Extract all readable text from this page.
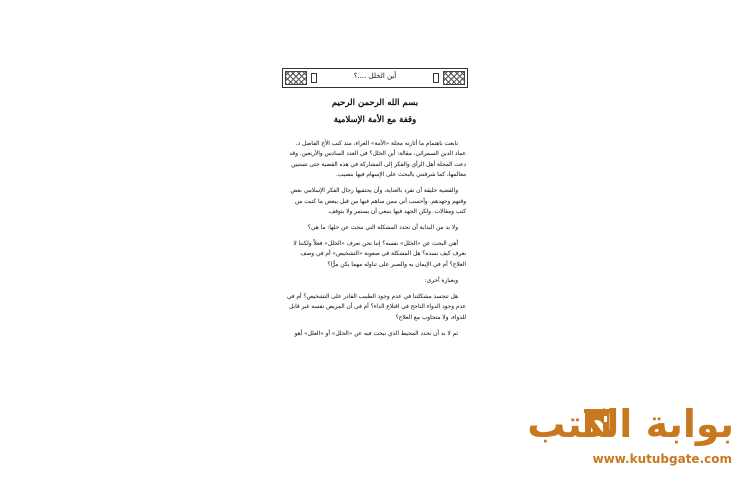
أين الخلل ....؟
بسم الله الرحمن الرحيم
وقفة مع الأمة الإسلامية

تابعت باهتمام ما أثارته مجلة «الأمة» الغراء، منذ كتب الأخ الفاضل د. عماد الدين السمرائي، مقالة: أين الخلل؟ في العدد السادس والأربعين. وقد دعت المجلة أهل الرأي والفكر إلى المشاركة في هذه القضية حتى تستبين معالمها، كما شرفتني بالبحث على الإسهام فيها بنصيب.

والقضية خليقة أن تفرد بالعناية، وأن يحتفيها رجال الفكر الإسلامي بعض وقتهم وجهدهم. وأحسب أني ممن ساهم فيها من قبل ببعض ما كتبت من كتب ومقالات. ولكن الجهد فيها ينبغي أن يستمر ولا يتوقف.

ولا بد من البداية أن نحدد المشكلة التي نبحث عن حلها: ما هي؟

أهي البحث عن «الخلل» نفسه؟ إننا نحن نعرف «الخلل» فعلاً ولكننا لا نعرف كيف نسده؟ هل المشكلة في صعوبة «التشخيص» أم في وصف العلاج؟ أم في الإيمان به والصبر على تناوله مهما يكن مرًّا؟

وبعبارة أخرى:

هل تتجسد مشكلتنا في عدم وجود الطبيب القادر على التشخيص؟ أم في عدم وجود الدواء الناجح في اقتلاع الداء؟ أم في أن المريض نفسه غير قابل للدواء، ولا متجاوب مع العلاج؟

ثم لا بد أن نحدد المحيط الذي نبحث فيه عن «الخلل» أو «العلل» أهو

بوابة الكتب
www.kutubgate.com
